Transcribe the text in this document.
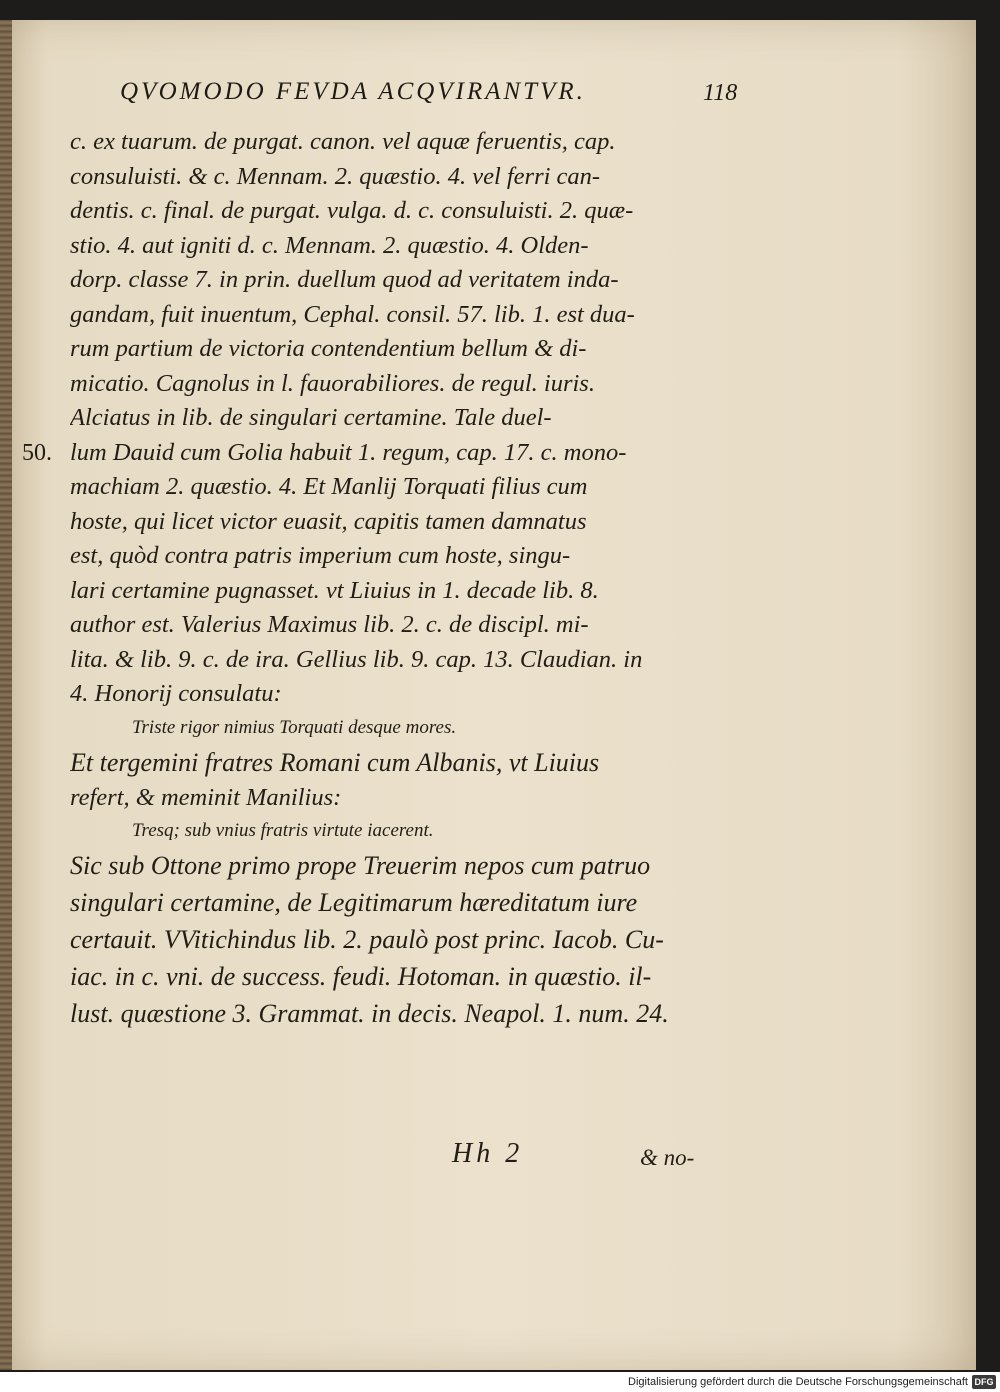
QVOMODO FEVDA ACQVIRANTVR.	118
50.
c. ex tuarum. de purgat. canon. vel aquæ feruentis, cap.
consuluisti. & c. Mennam. 2. quæstio. 4. vel ferri can-
dentis. c. final. de purgat. vulga. d. c. consuluisti. 2. quæ-
stio. 4. aut igniti d. c. Mennam. 2. quæstio. 4. Olden-
dorp. classe 7. in prin. duellum quod ad veritatem inda-
gandam, fuit inuentum, Cephal. consil. 57. lib. 1. est dua-
rum partium de victoria contendentium bellum & di-
micatio. Cagnolus in l. fauorabiliores. de regul. iuris.
Alciatus in lib. de singulari certamine. Tale duel-
lum Dauid cum Golia habuit 1. regum, cap. 17. c. mono-
machiam 2. quæstio. 4. Et Manlij Torquati filius cum
hoste, qui licet victor euasit, capitis tamen damnatus
est, quòd contra patris imperium cum hoste, singu-
lari certamine pugnasset. vt Liuius in 1. decade lib. 8.
author est. Valerius Maximus lib. 2. c. de discipl. mi-
lita. & lib. 9. c. de ira. Gellius lib. 9. cap. 13. Claudian. in
4. Honorij consulatu:
Triste rigor nimius Torquati desque mores.
Et tergemini fratres Romani cum Albanis, vt Liuius
refert, & meminit Manilius:
Tresq; sub vnius fratris virtute iacerent.
Sic sub Ottone primo prope Treuerim nepos cum patruo
singulari certamine, de Legitimarum hæreditatum iure
certauit. VVitichindus lib. 2. paulò post princ. Iacob. Cu-
iac. in c. vni. de success. feudi. Hotoman. in quæstio. il-
lust. quæstione 3. Grammat. in decis. Neapol. 1. num. 24.
Hh 2	& no-
Digitalisierung gefördert durch die Deutsche Forschungsgemeinschaft DFG
